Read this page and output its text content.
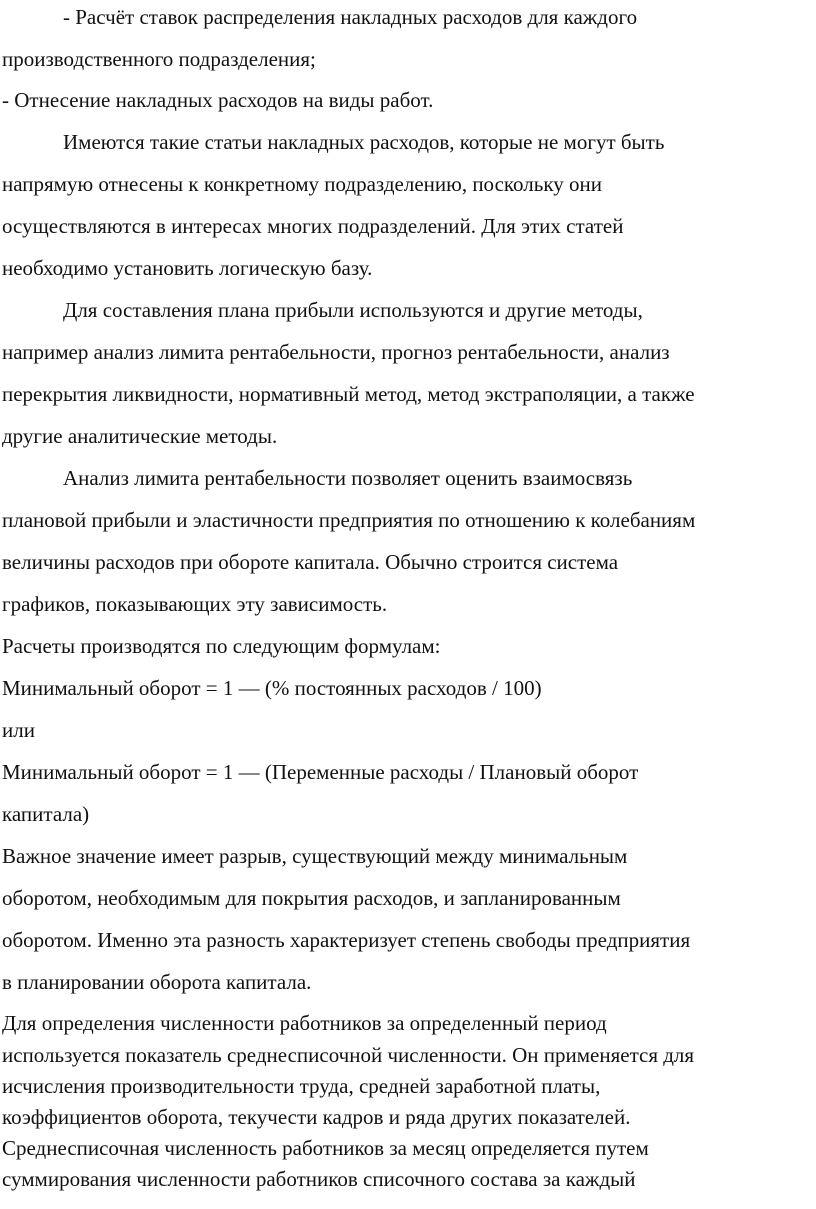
- Расчёт ставок распределения накладных расходов для каждого
производственного подразделения;
- Отнесение накладных расходов на виды работ.
Имеются такие статьи накладных расходов, которые не могут быть
напрямую отнесены к конкретному подразделению, поскольку они
осуществляются в интересах многих подразделений. Для этих статей
необходимо установить логическую базу.
Для составления плана прибыли используются и другие методы,
например анализ лимита рентабельности, прогноз рентабельности, анализ
перекрытия ликвидности, нормативный метод, метод экстраполяции, а также
другие аналитические методы.
Анализ лимита рентабельности позволяет оценить взаимосвязь
плановой прибыли и эластичности предприятия по отношению к колебаниям
величины расходов при обороте капитала. Обычно строится система
графиков, показывающих эту зависимость.
Расчеты производятся по следующим формулам:
Минимальный оборот = 1 — (% постоянных расходов / 100)
или
Минимальный оборот = 1 — (Переменные расходы / Плановый оборот
капитала)
Важное значение имеет разрыв, существующий между минимальным
оборотом, необходимым для покрытия расходов, и запланированным
оборотом. Именно эта разность характеризует степень свободы предприятия
в планировании оборота капитала.
Для определения численности работников за определенный период
используется показатель среднесписочной численности. Он применяется для
исчисления производительности труда, средней заработной платы,
коэффициентов оборота, текучести кадров и ряда других показателей.
Среднесписочная численность работников за месяц определяется путем
суммирования численности работников списочного состава за каждый
